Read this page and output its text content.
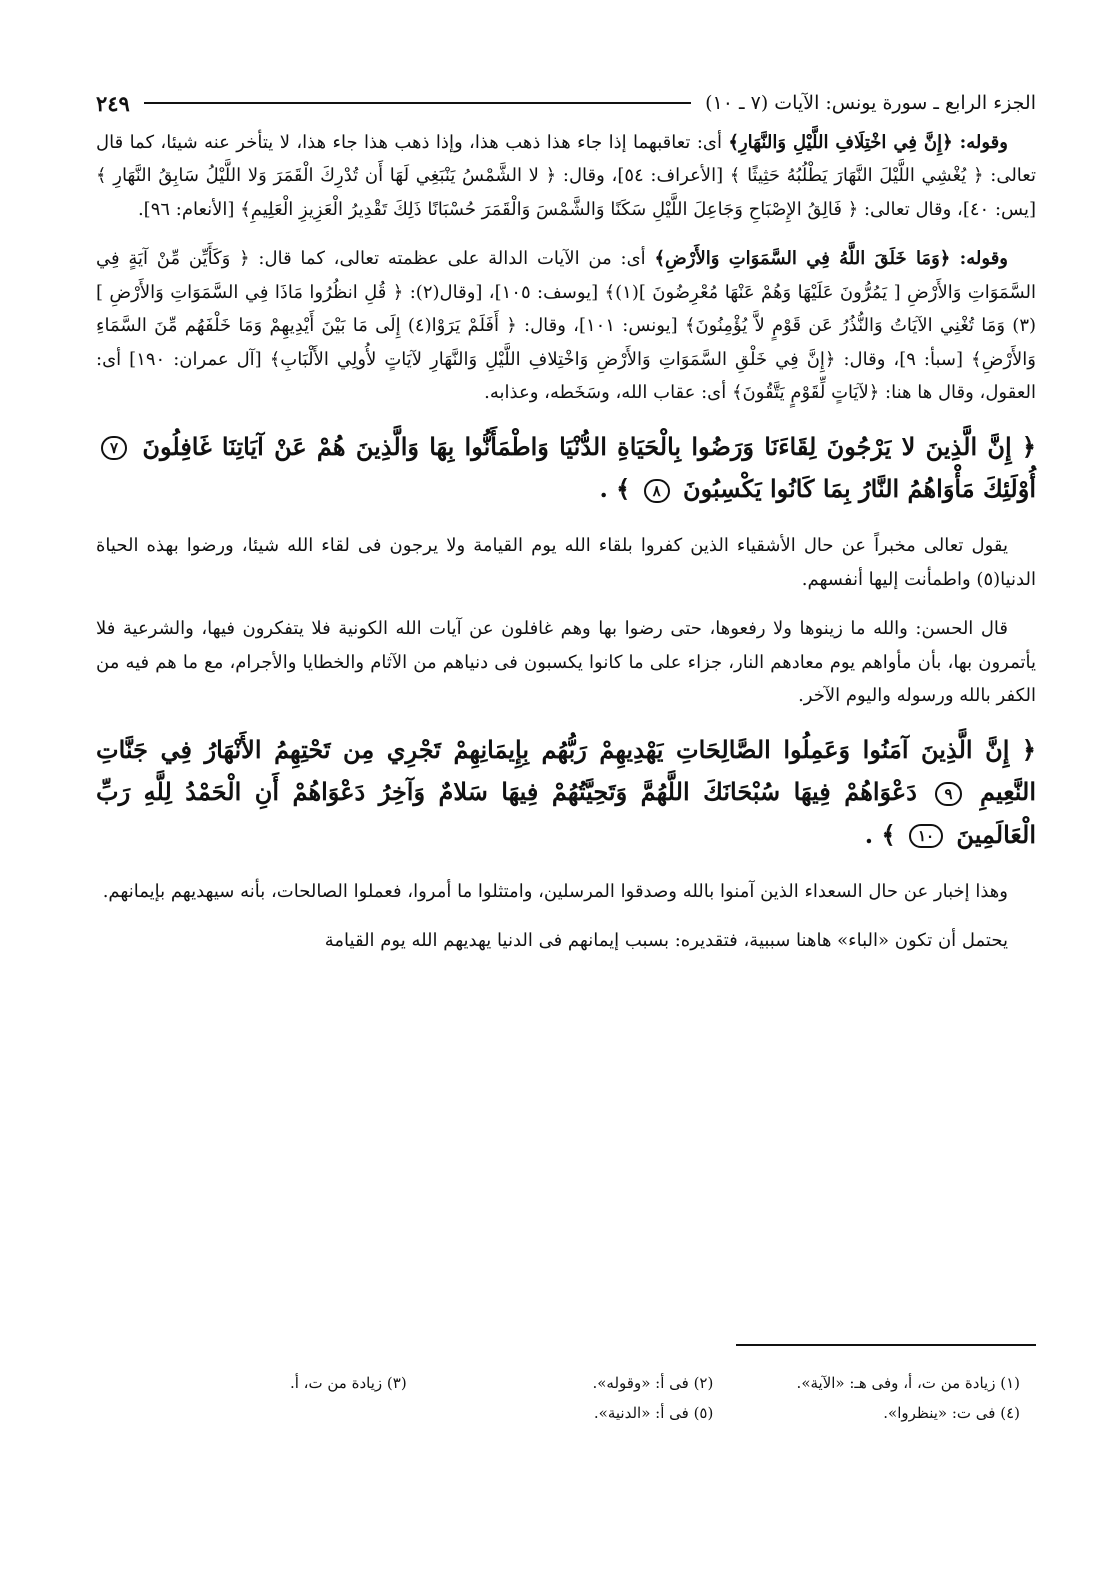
الجزء الرابع ـ سورة يونس: الآيات (٧ ـ ١٠)
٢٤٩

وقوله: ﴿إِنَّ فِي اخْتِلَافِ اللَّيْلِ وَالنَّهَارِ﴾ أى: تعاقبهما إذا جاء هذا ذهب هذا، وإذا ذهب هذا جاء هذا، لا يتأخر عنه شيئا، كما قال تعالى: ﴿ يُغْشِي اللَّيْلَ النَّهَارَ يَطْلُبُهُ حَثِيثًا ﴾ [الأعراف: ٥٤]، وقال: ﴿ لا الشَّمْسُ يَنْبَغِي لَهَا أَن تُدْرِكَ الْقَمَرَ وَلا اللَّيْلُ سَابِقُ النَّهَارِ ﴾ [يس: ٤٠]، وقال تعالى: ﴿ فَالِقُ الإِصْبَاحِ وَجَاعِلَ اللَّيْلِ سَكَنًا وَالشَّمْسَ وَالْقَمَرَ حُسْبَانًا ذَلِكَ تَقْدِيرُ الْعَزِيزِ الْعَلِيمِ﴾ [الأنعام: ٩٦].

وقوله: ﴿وَمَا خَلَقَ اللَّهُ فِي السَّمَوَاتِ وَالأَرْضِ﴾ أى: من الآيات الدالة على عظمته تعالى، كما قال: ﴿ وَكَأَيِّن مِّنْ آيَةٍ فِي السَّمَوَاتِ وَالأَرْضِ [ يَمُرُّونَ عَلَيْهَا وَهُمْ عَنْهَا مُعْرِضُونَ ](١)﴾ [يوسف: ١٠٥]، [وقال(٢): ﴿ قُلِ انظُرُوا مَاذَا فِي السَّمَوَاتِ وَالأَرْضِ ](٣) وَمَا تُغْنِي الآيَاتُ وَالنُّذُرُ عَن قَوْمٍ لاَّ يُؤْمِنُونَ﴾ [يونس: ١٠١]، وقال: ﴿ أَفَلَمْ يَرَوْا(٤) إِلَى مَا بَيْنَ أَيْدِيهِمْ وَمَا خَلْفَهُم مِّنَ السَّمَاءِ وَالأَرْضِ﴾ [سبأ: ٩]، وقال: ﴿إِنَّ فِي خَلْقِ السَّمَوَاتِ وَالأَرْضِ وَاخْتِلافِ اللَّيْلِ وَالنَّهَارِ لآيَاتٍ لأُولِي الأَلْبَابِ﴾ [آل عمران: ١٩٠] أى: العقول، وقال ها هنا: ﴿لآيَاتٍ لِّقَوْمٍ يَتَّقُونَ﴾ أى: عقاب الله، وسَخَطه، وعذابه.

﴿ إِنَّ الَّذِينَ لا يَرْجُونَ لِقَاءَنَا وَرَضُوا بِالْحَيَاةِ الدُّنْيَا وَاطْمَأَنُّوا بِهَا وَالَّذِينَ هُمْ عَنْ آيَاتِنَا غَافِلُونَ ٧ أُوْلَئِكَ مَأْوَاهُمُ النَّارُ بِمَا كَانُوا يَكْسِبُونَ ٨ ﴾ .

يقول تعالى مخبراً عن حال الأشقياء الذين كفروا بلقاء الله يوم القيامة ولا يرجون فى لقاء الله شيئا، ورضوا بهذه الحياة الدنيا(٥) واطمأنت إليها أنفسهم.

قال الحسن: والله ما زينوها ولا رفعوها، حتى رضوا بها وهم غافلون عن آيات الله الكونية فلا يتفكرون فيها، والشرعية فلا يأتمرون بها، بأن مأواهم يوم معادهم النار، جزاء على ما كانوا يكسبون فى دنياهم من الآثام والخطايا والأجرام، مع ما هم فيه من الكفر بالله ورسوله واليوم الآخر.

﴿ إِنَّ الَّذِينَ آمَنُوا وَعَمِلُوا الصَّالِحَاتِ يَهْدِيهِمْ رَبُّهُم بِإِيمَانِهِمْ تَجْرِي مِن تَحْتِهِمُ الأَنْهَارُ فِي جَنَّاتِ النَّعِيمِ ٩ دَعْوَاهُمْ فِيهَا سُبْحَانَكَ اللَّهُمَّ وَتَحِيَّتُهُمْ فِيهَا سَلامٌ وَآخِرُ دَعْوَاهُمْ أَنِ الْحَمْدُ لِلَّهِ رَبِّ الْعَالَمِينَ ١٠ ﴾ .

وهذا إخبار عن حال السعداء الذين آمنوا بالله وصدقوا المرسلين، وامتثلوا ما أمروا، فعملوا الصالحات، بأنه سيهديهم بإيمانهم.

يحتمل أن تكون «الباء» هاهنا سببية، فتقديره: بسبب إيمانهم فى الدنيا يهديهم الله يوم القيامة

(١) زيادة من ت، أ، وفى هـ: «الآية».
(٢) فى أ: «وقوله».
(٣) زيادة من ت، أ.
(٤) فى ت: «ينظروا».
(٥) فى أ: «الدنية».
